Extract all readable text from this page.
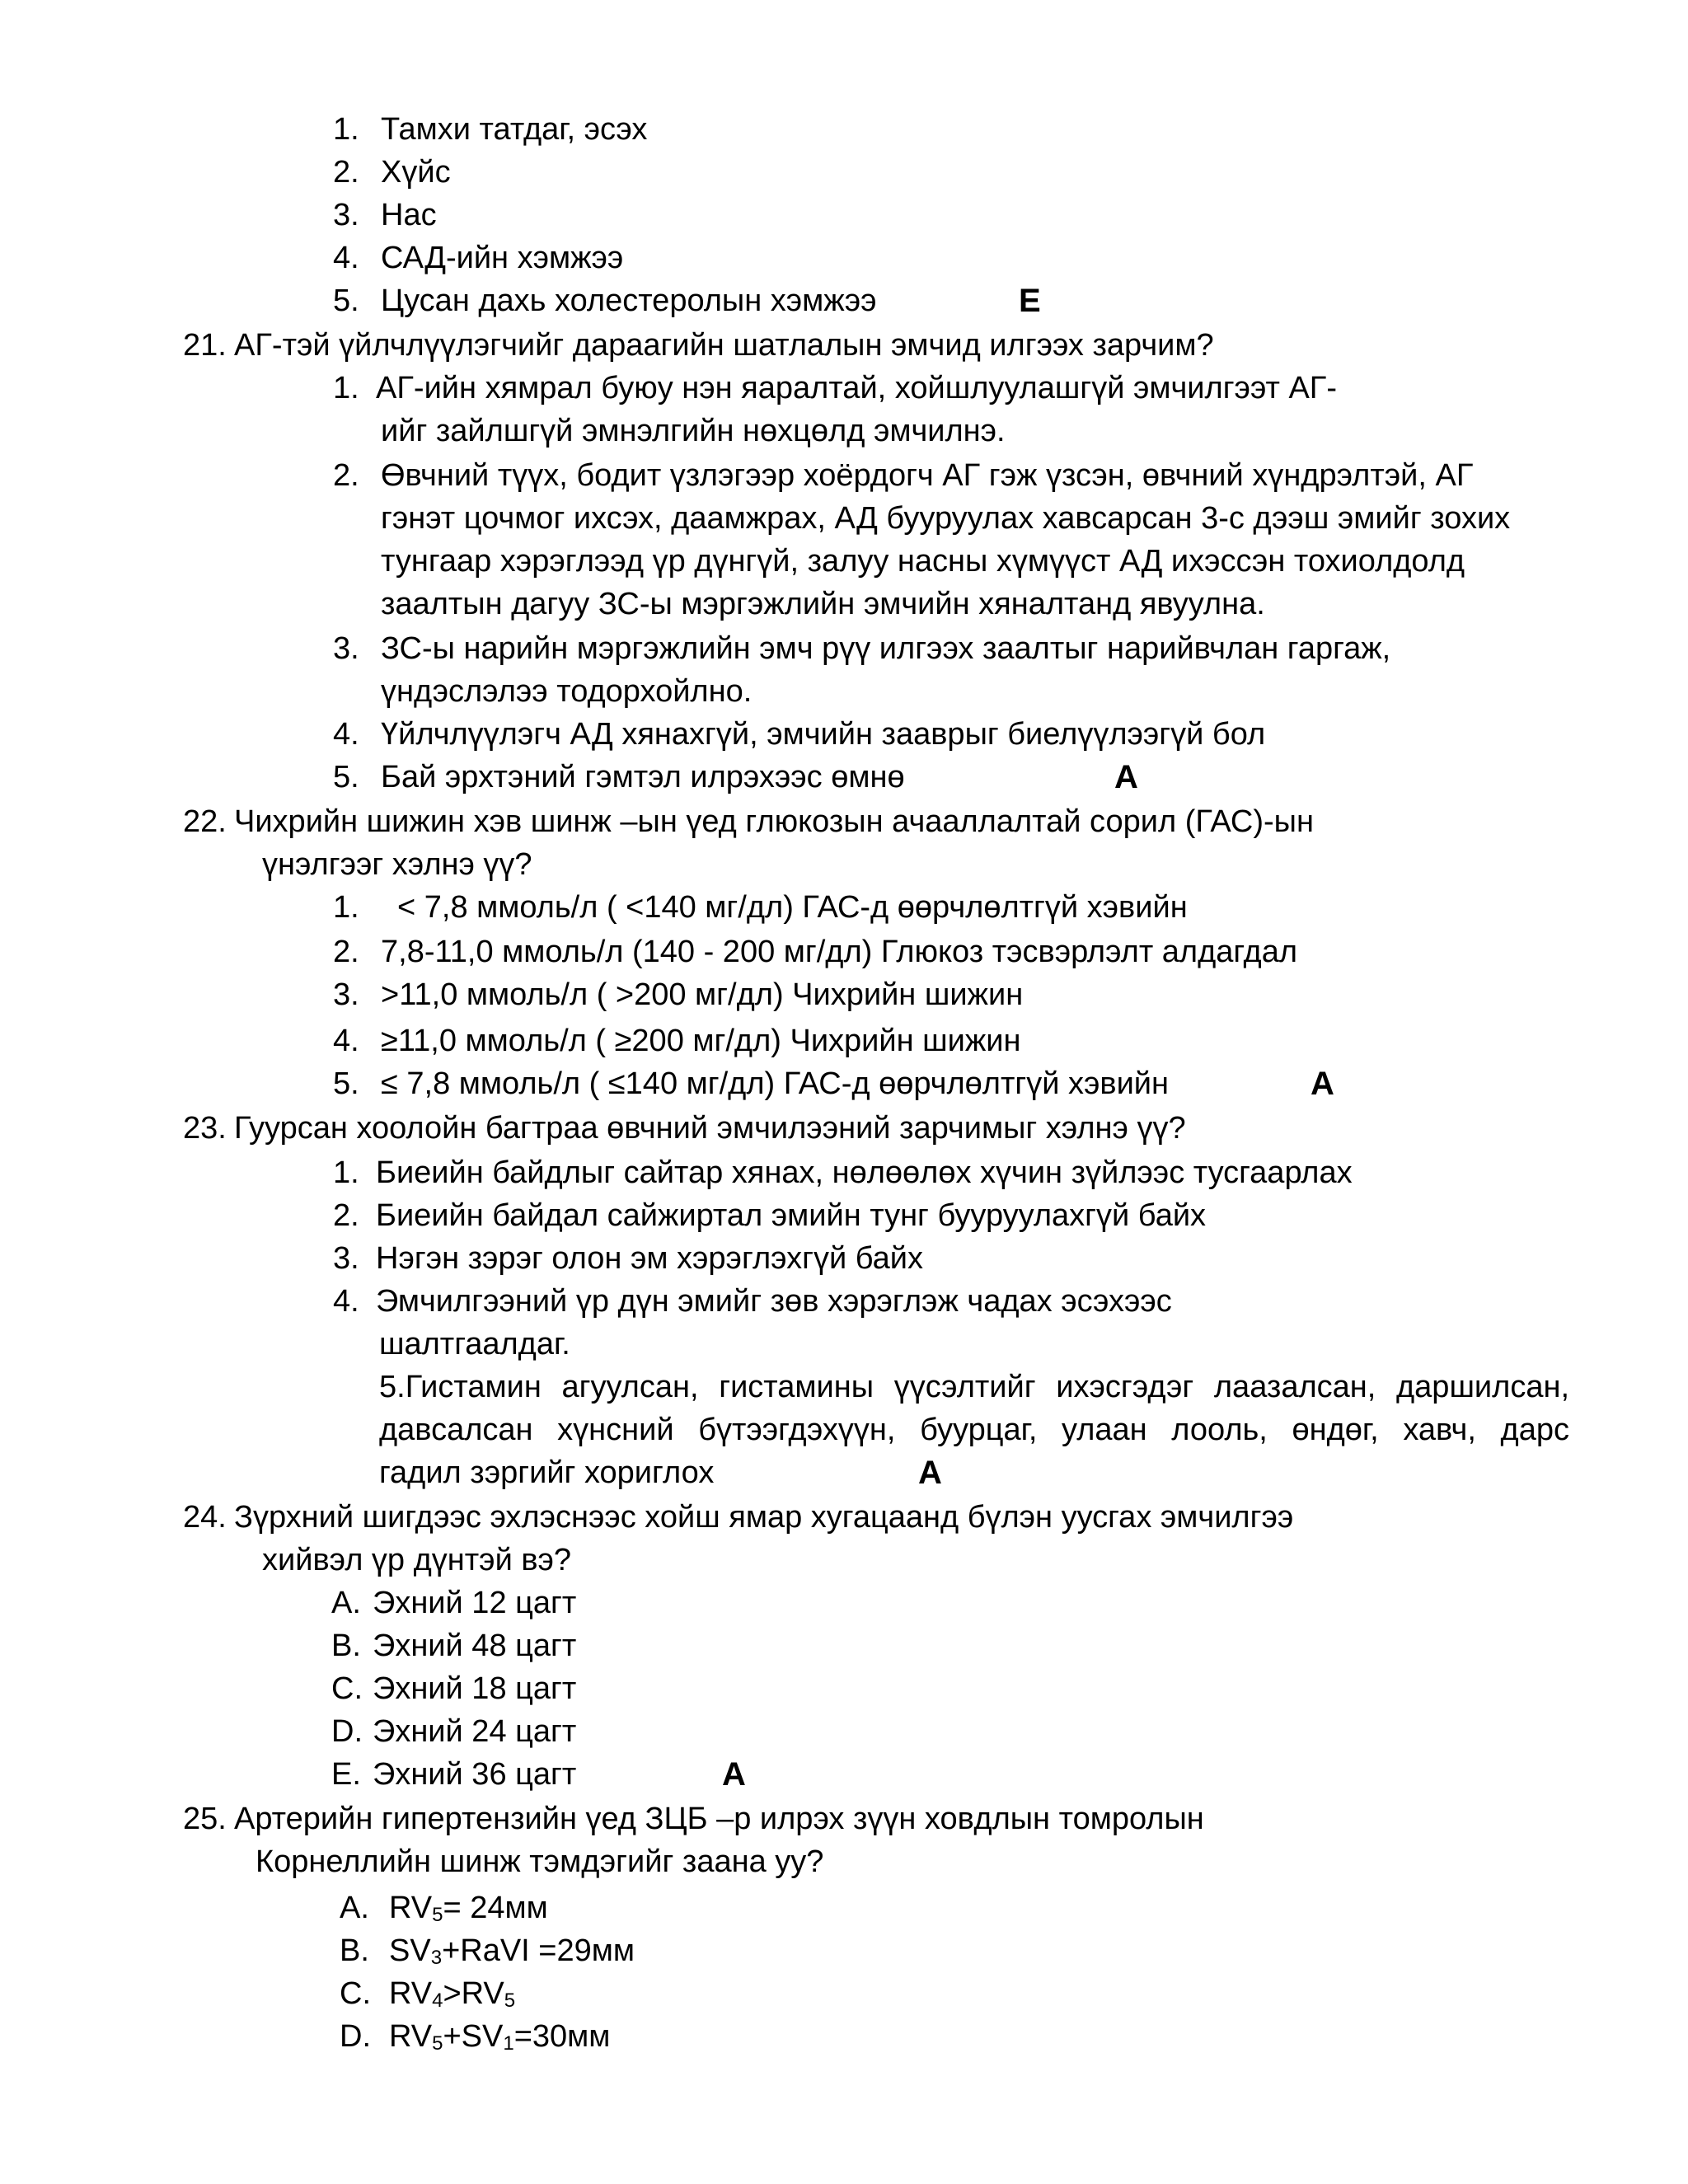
1. Тамхи татдаг, эсэх
2. Хүйс
3. Нас
4. САД-ийн хэмжээ
5. Цусан дахь холестеролын хэмжээ	E
21. АГ-тэй үйлчлүүлэгчийг дараагийн шатлалын эмчид илгээх зарчим?
1. АГ-ийн хямрал буюу нэн яаралтай, хойшлуулашгүй эмчилгээт АГ-
ийг зайлшгүй эмнэлгийн нөхцөлд эмчилнэ.
2. Өвчний түүх, бодит үзлэгээр хоёрдогч АГ гэж үзсэн, өвчний хүндрэлтэй, АГ
гэнэт цочмог ихсэх, даамжрах, АД бууруулах хавсарсан 3-с дээш эмийг зохих
тунгаар хэрэглээд үр дүнгүй, залуу насны хүмүүст АД ихэссэн тохиолдолд
заалтын дагуу ЗС-ы мэргэжлийн эмчийн хяналтанд явуулна.
3. ЗС-ы нарийн мэргэжлийн эмч рүү илгээх заалтыг нарийвчлан гаргаж,
үндэслэлээ тодорхойлно.
4. Үйлчлүүлэгч АД хянахгүй, эмчийн зааврыг биелүүлээгүй бол
5. Бай эрхтэний гэмтэл илрэхээс өмнө	A
22. Чихрийн шижин хэв шинж –ын үед глюкозын ачааллалтай сорил (ГАС)-ын
үнэлгээг хэлнэ үү?
1. < 7,8 ммоль/л ( <140 мг/дл) ГАС-д өөрчлөлтгүй хэвийн
2. 7,8-11,0 ммоль/л (140 - 200 мг/дл) Глюкоз тэсвэрлэлт алдагдал
3. >11,0 ммоль/л ( >200 мг/дл) Чихрийн шижин
4. ≥11,0 ммоль/л ( ≥200 мг/дл) Чихрийн шижин
5. ≤ 7,8 ммоль/л ( ≤140 мг/дл) ГАС-д өөрчлөлтгүй хэвийн	A
23. Гуурсан хоолойн багтраа өвчний эмчилээний зарчимыг хэлнэ үү?
1. Биеийн байдлыг сайтар хянах, нөлөөлөх хүчин зүйлээс тусгаарлах
2. Биеийн байдал сайжиртал эмийн тунг бууруулахгүй байх
3. Нэгэн зэрэг олон эм хэрэглэхгүй байх
4. Эмчилгээний үр дүн эмийг зөв хэрэглэж чадах эсэхээс
шалтгаалдаг.
5.Гистамин агуулсан, гистамины үүсэлтийг ихэсгэдэг лаазалсан, даршилсан,
давсалсан хүнсний бүтээгдэхүүн, буурцаг, улаан лооль, өндөг, хавч, дарс
гадил зэргийг хориглох	A
24. Зүрхний шигдээс эхлэснээс хойш ямар хугацаанд бүлэн уусгах эмчилгээ
хийвэл үр дүнтэй вэ?
A. Эхний 12 цагт
B. Эхний 48 цагт
C. Эхний 18 цагт
D. Эхний 24 цагт
E. Эхний 36 цагт	A
25. Артерийн гипертензийн үед ЗЦБ –р илрэх зүүн ховдлын томролын
Корнеллийн шинж тэмдэгийг заана уу?
A. $RV_5= 24мм$
B. $SV_3+RaVI =29мм$
C. $RV_4>RV_5$
D. $RV_5+SV_1=30мм$
